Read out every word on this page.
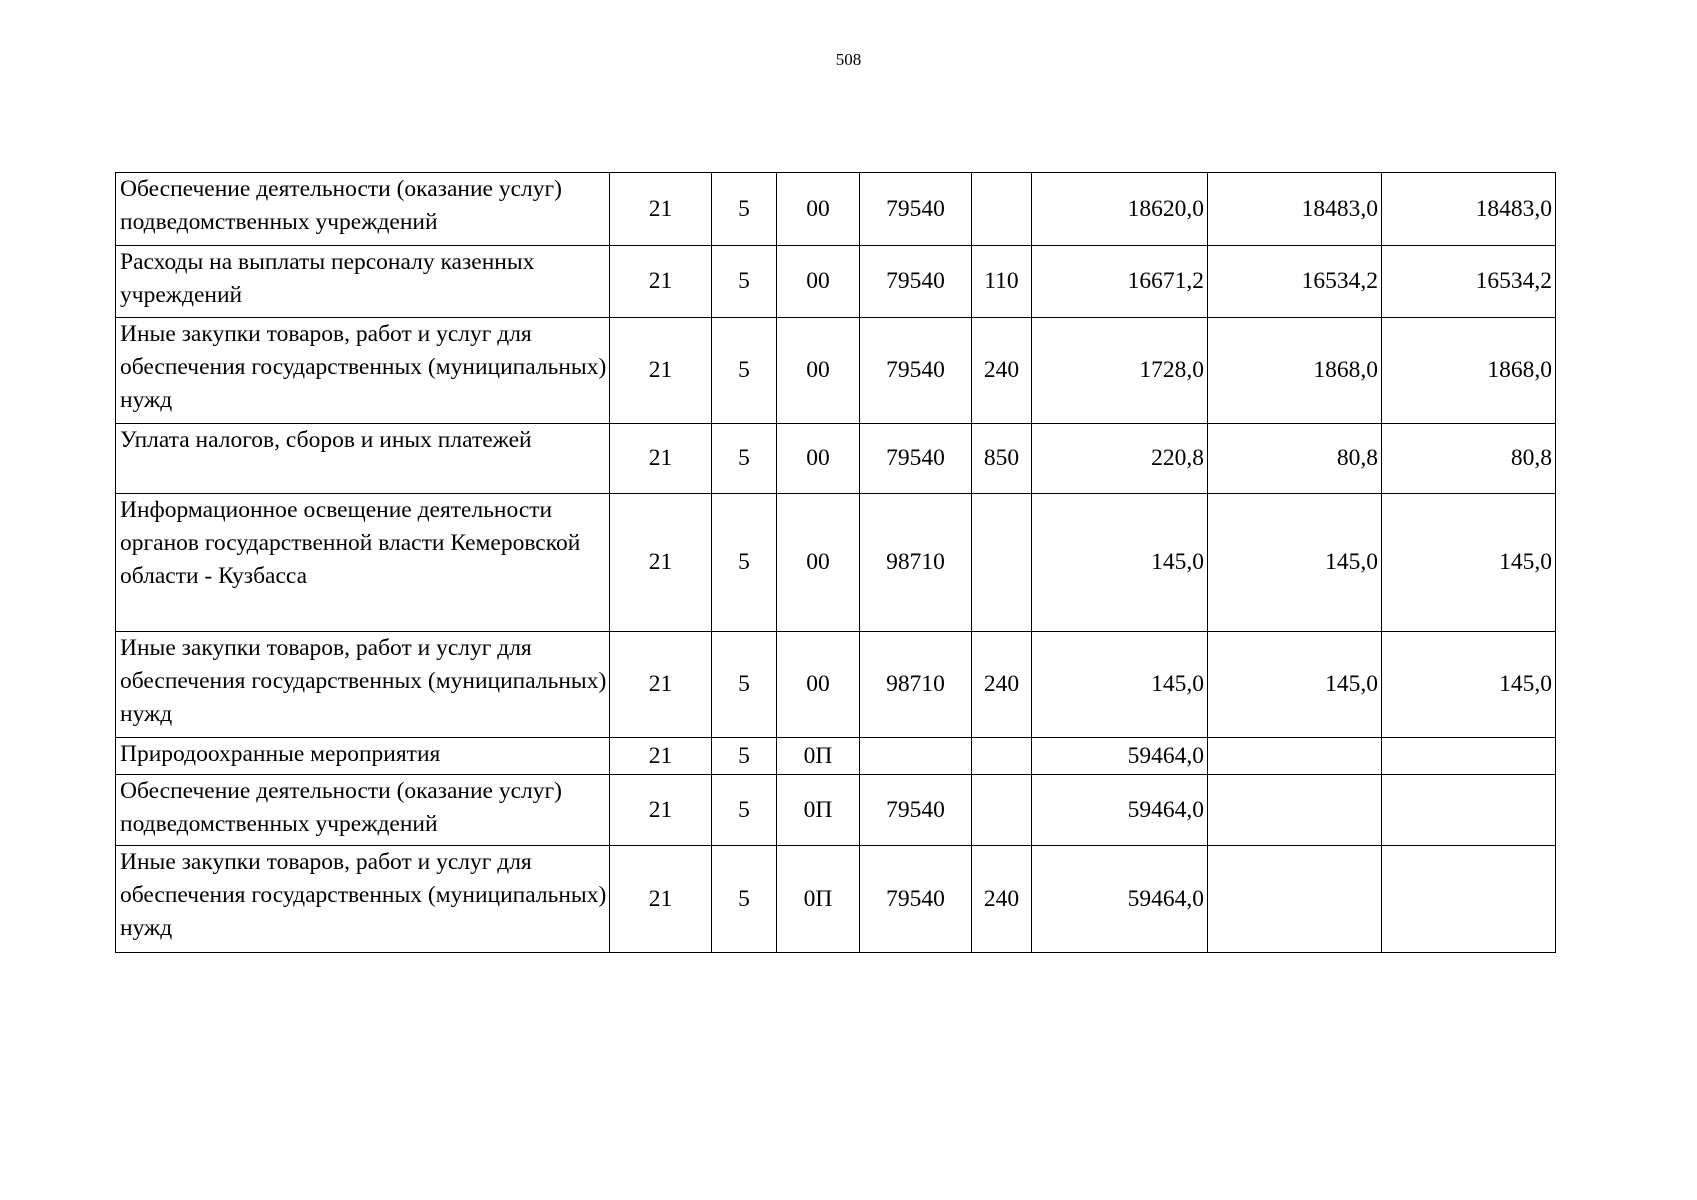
508
Обеспечение деятельности (оказание услуг) подведомственных учреждений	21	5	00	79540		18620,0	18483,0	18483,0
Расходы на выплаты персоналу казенных учреждений	21	5	00	79540	110	16671,2	16534,2	16534,2
Иные закупки товаров, работ и услуг для обеспечения государственных (муниципальных) нужд	21	5	00	79540	240	1728,0	1868,0	1868,0
Уплата налогов, сборов и иных платежей	21	5	00	79540	850	220,8	80,8	80,8
Информационное освещение деятельности органов государственной власти Кемеровской области - Кузбасса	21	5	00	98710		145,0	145,0	145,0
Иные закупки товаров, работ и услуг для обеспечения государственных (муниципальных) нужд	21	5	00	98710	240	145,0	145,0	145,0
Природоохранные мероприятия	21	5	0П			59464,0		
Обеспечение деятельности (оказание услуг) подведомственных учреждений	21	5	0П	79540		59464,0		
Иные закупки товаров, работ и услуг для обеспечения государственных (муниципальных) нужд	21	5	0П	79540	240	59464,0		
